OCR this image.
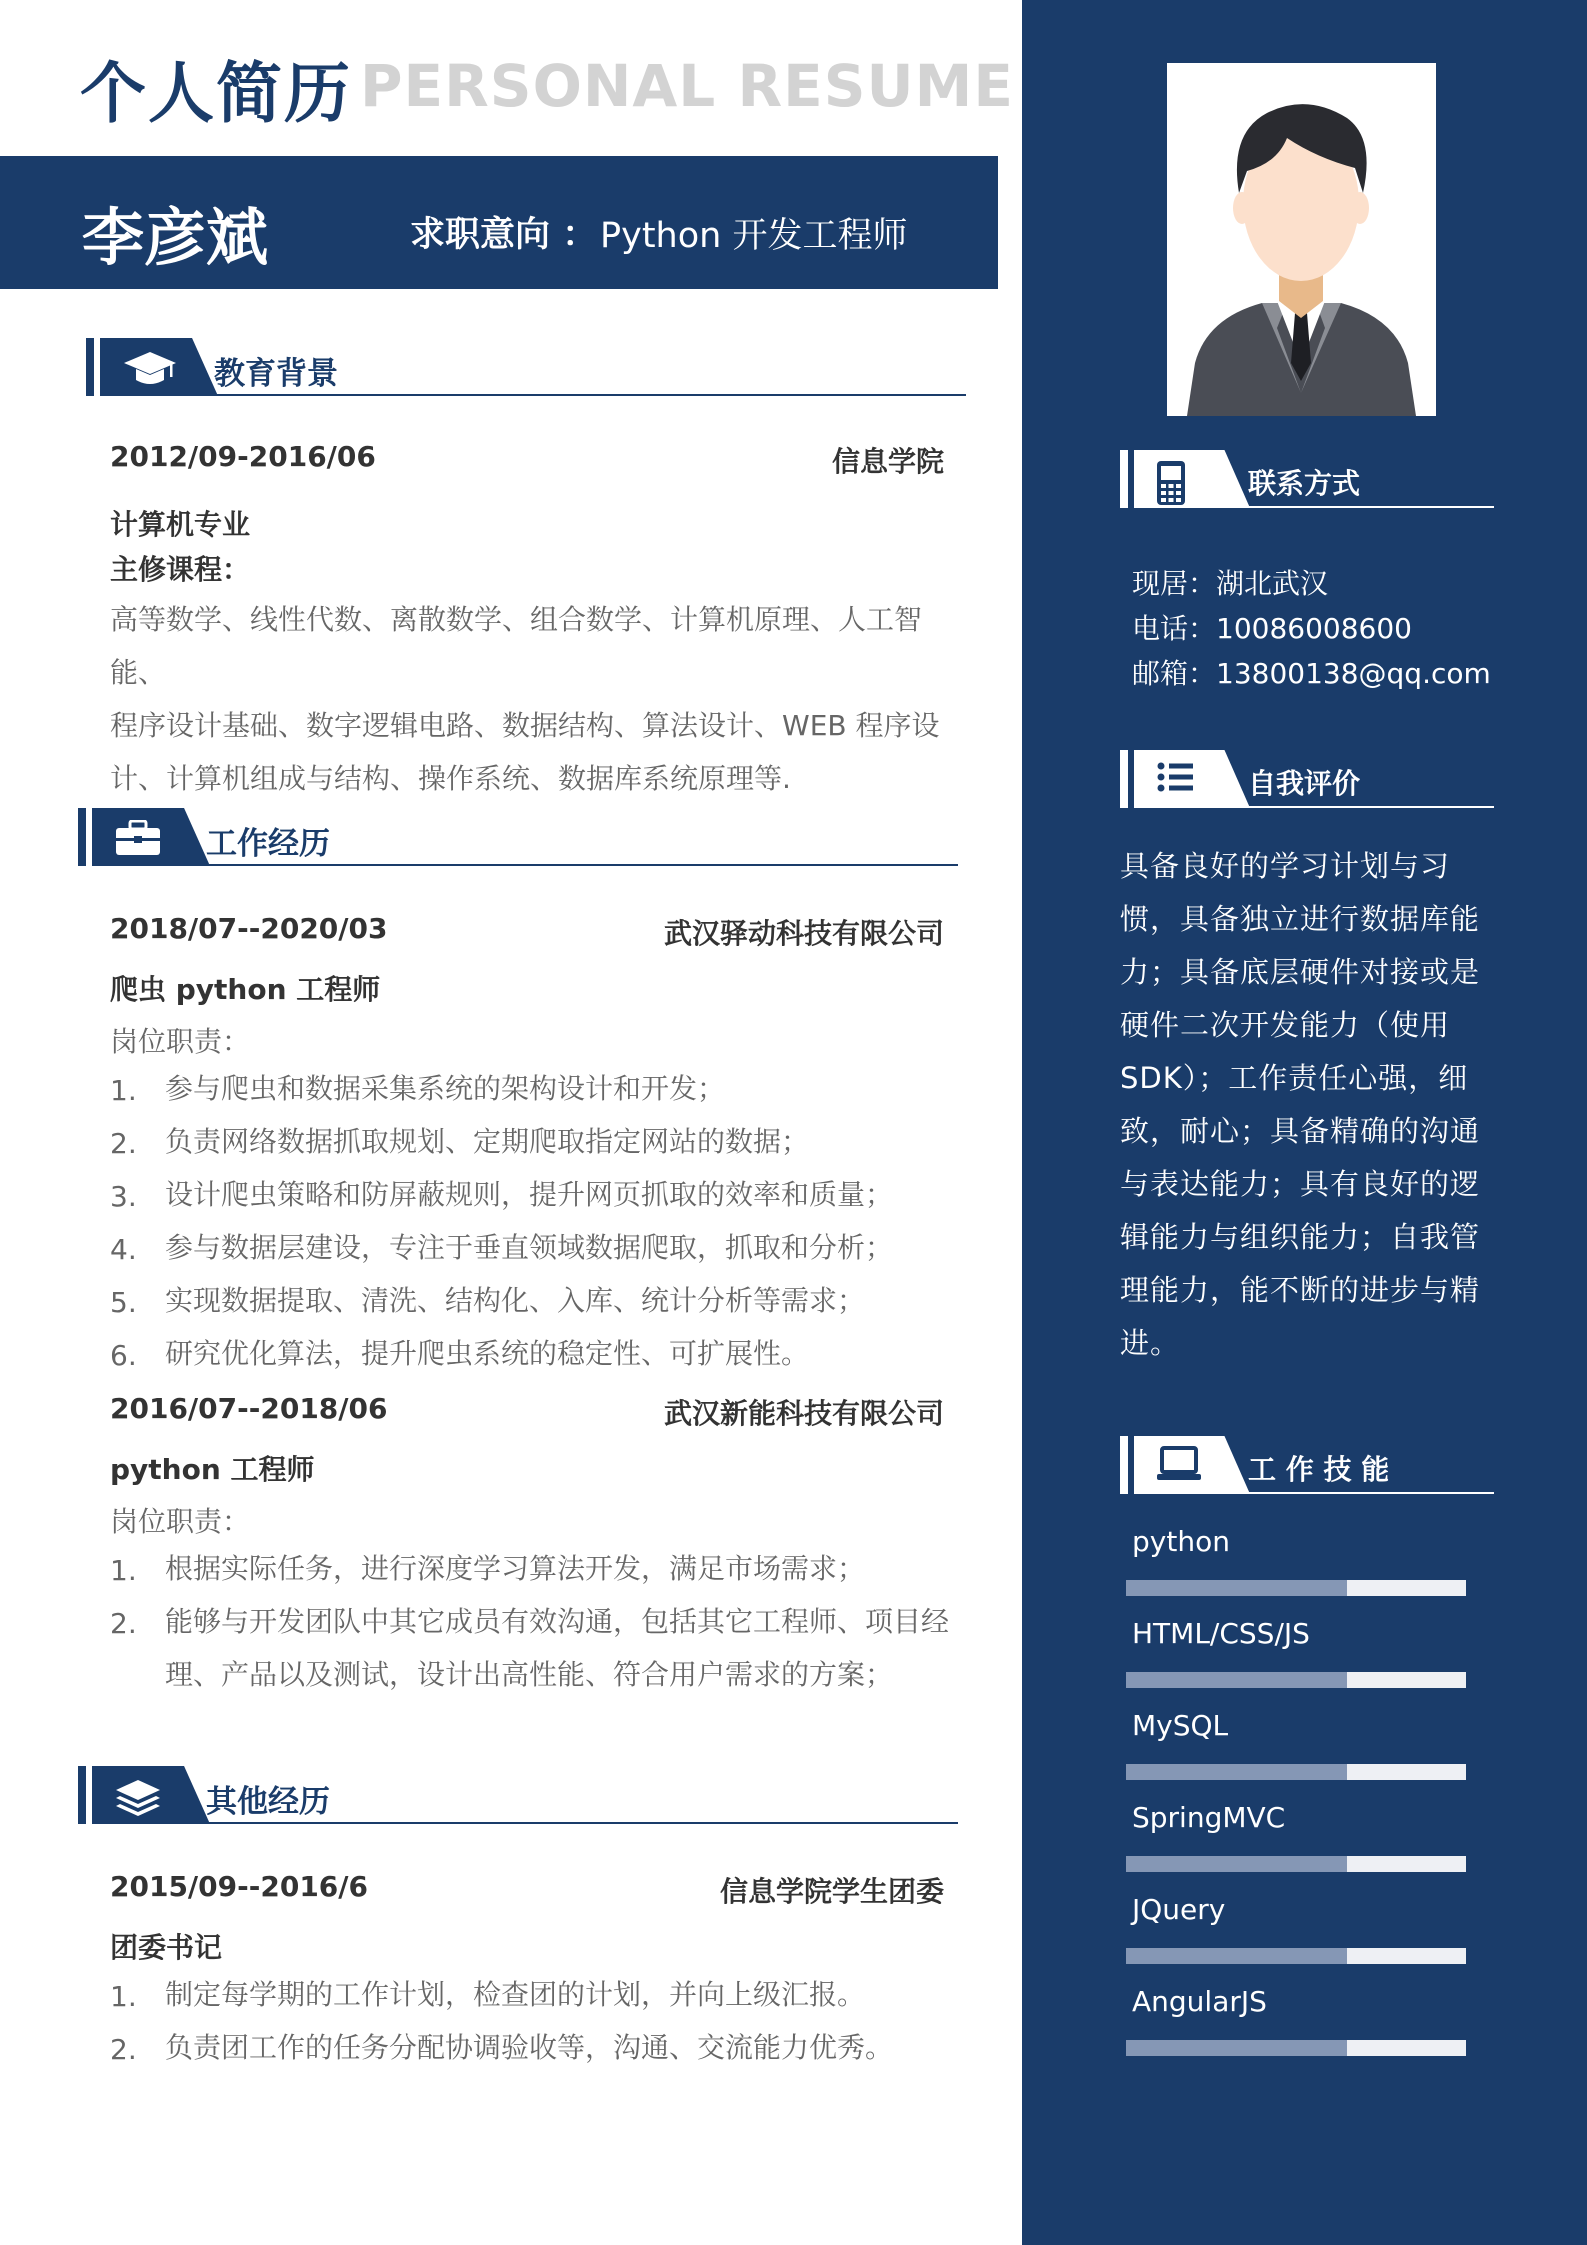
个人简历 PERSONAL RESUME
李彦斌	求职意向 ： Python 开发工程师
教育背景
2012/09-2016/06	信息学院
计算机专业
主修课程：
高等数学、线性代数、离散数学、组合数学、计算机原理、人工智能、
程序设计基础、数字逻辑电路、数据结构、算法设计、WEB 程序设
计、计算机组成与结构、操作系统、数据库系统原理等.
工作经历
2018/07--2020/03	武汉驿动科技有限公司
爬虫 python 工程师
岗位职责：
1. 参与爬虫和数据采集系统的架构设计和开发；
2. 负责网络数据抓取规划、定期爬取指定网站的数据；
3. 设计爬虫策略和防屏蔽规则，提升网页抓取的效率和质量；
4. 参与数据层建设，专注于垂直领域数据爬取，抓取和分析；
5. 实现数据提取、清洗、结构化、入库、统计分析等需求；
6. 研究优化算法，提升爬虫系统的稳定性、可扩展性。
2016/07--2018/06	武汉新能科技有限公司
python 工程师
岗位职责：
1. 根据实际任务，进行深度学习算法开发，满足市场需求；
2. 能够与开发团队中其它成员有效沟通，包括其它工程师、项目经
理、产品以及测试，设计出高性能、符合用户需求的方案；
其他经历
2015/09--2016/6	信息学院学生团委
团委书记
1. 制定每学期的工作计划，检查团的计划，并向上级汇报。
2. 负责团工作的任务分配协调验收等，沟通、交流能力优秀。
联系方式
现居：湖北武汉
电话：10086008600
邮箱：13800138@qq.com
自我评价
具备良好的学习计划与习
惯，具备独立进行数据库能
力；具备底层硬件对接或是
硬件二次开发能力（使用
SDK）；工作责任心强，细
致，耐心；具备精确的沟通
与表达能力；具有良好的逻
辑能力与组织能力；自我管
理能力，能不断的进步与精
进。
工 作 技 能
python
HTML/CSS/JS
MySQL
SpringMVC
JQuery
AngularJS
